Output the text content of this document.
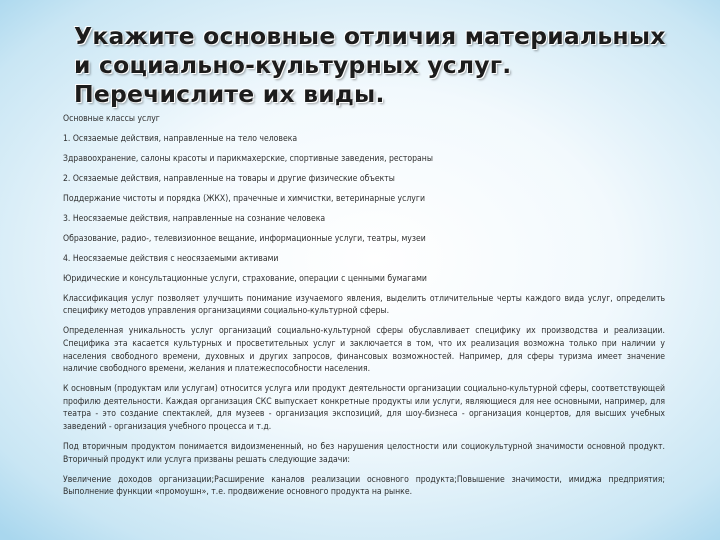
Укажите основные отличия материальных
и социально-культурных услуг.
Перечислите их виды.

Основные классы услуг

1. Осязаемые действия, направленные на тело человека

Здравоохранение, салоны красоты и парикмахерские, спортивные заведения, рестораны

2. Осязаемые действия, направленные на товары и другие физические объекты

Поддержание чистоты и порядка (ЖКХ), прачечные и химчистки, ветеринарные услуги

3. Неосязаемые действия, направленные на сознание человека

Образование, радио-, телевизионное вещание, информационные услуги, театры, музеи

4. Неосязаемые действия с неосязаемыми активами

Юридические и консультационные услуги, страхование, операции с ценными бумагами

Классификация услуг позволяет улучшить понимание изучаемого явления, выделить отличительные черты каждого вида услуг, определить специфику методов управления организациями социально-культурной сферы.

Определенная уникальность услуг организаций социально-культурной сферы обуславливает специфику их производства и реализации. Специфика эта касается культурных и просветительных услуг и заключается в том, что их реализация возможна только при наличии у населения свободного времени, духовных и других запросов, финансовых возможностей. Например, для сферы туризма имеет значение наличие свободного времени, желания и платежеспособности населения.

К основным (продуктам или услугам) относится услуга или продукт деятельности организации социально-культурной сферы, соответствующей профилю деятельности. Каждая организация СКС выпускает конкретные продукты или услуги, являющиеся для нее основными, например, для театра - это создание спектаклей, для музеев - организация экспозиций, для шоу-бизнеса - организация концертов, для высших учебных заведений - организация учебного процесса и т.д.

Под вторичным продуктом понимается видоизмененный, но без нарушения целостности или социокультурной значимости основной продукт. Вторичный продукт или услуга призваны решать следующие задачи:

Увеличение доходов организации;Расширение каналов реализации основного продукта;Повышение значимости, имиджа предприятия; Выполнение функции «промоушн», т.е. продвижение основного продукта на рынке.
